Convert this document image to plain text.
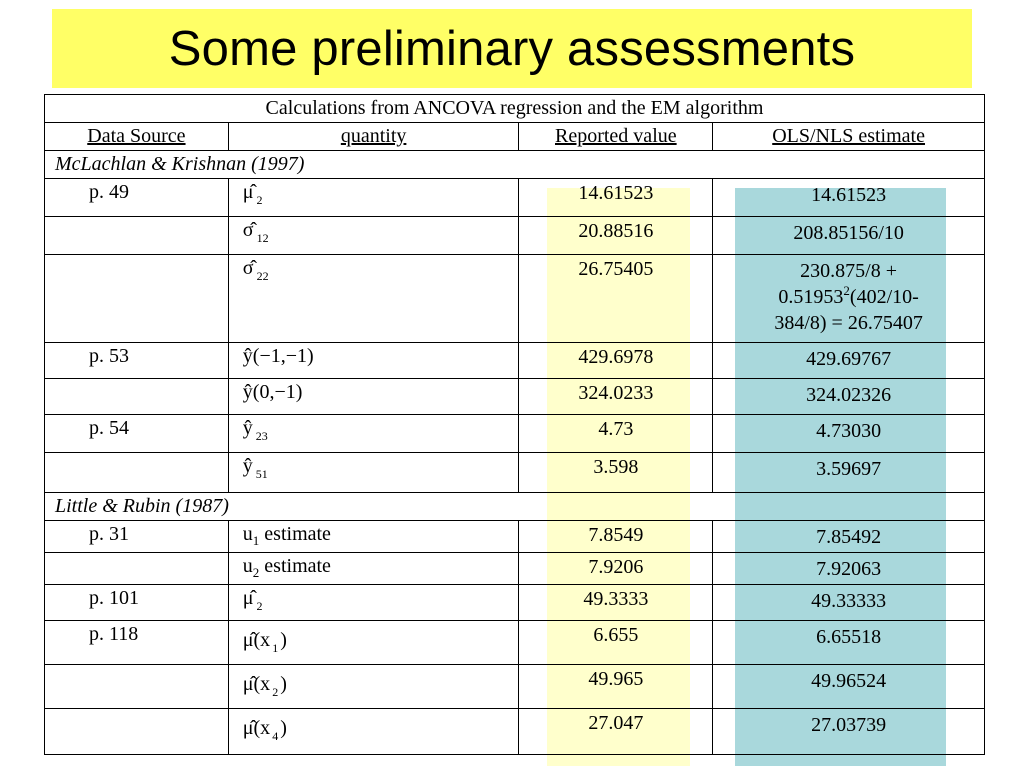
Some preliminary assessments
Calculations from ANCOVA regression and the EM algorithm			
Data Source	quantity	Reported value	OLS/NLS estimate
McLachlan & Krishnan (1997)			
p. 49	μ̂ $_2$	14.61523	14.61523
	σ̂ $_{12}$	20.88516	208.85156/10
	σ̂ $_{22}$	26.75405	230.875/8 +
$0.51953^2(402/10-$
384/8) = 26.75407

p. 53	ŷ(−1,−1)	429.6978	429.69767
	ŷ(0,−1)	324.0233	324.02326
p. 54	ŷ $_{23}$	4.73	4.73030
	ŷ $_{51}$	3.598	3.59697
Little & Rubin (1987)			
p. 31	$u_1$ estimate	7.8549	7.85492
	$u_2$ estimate	7.9206	7.92063
p. 101	μ̂ $_2$	49.3333	49.33333
p. 118	μ̂(x $_1$ )	6.655	6.65518
	μ̂(x $_2$ )	49.965	49.96524
	μ̂(x $_4$ )	27.047	27.03739
